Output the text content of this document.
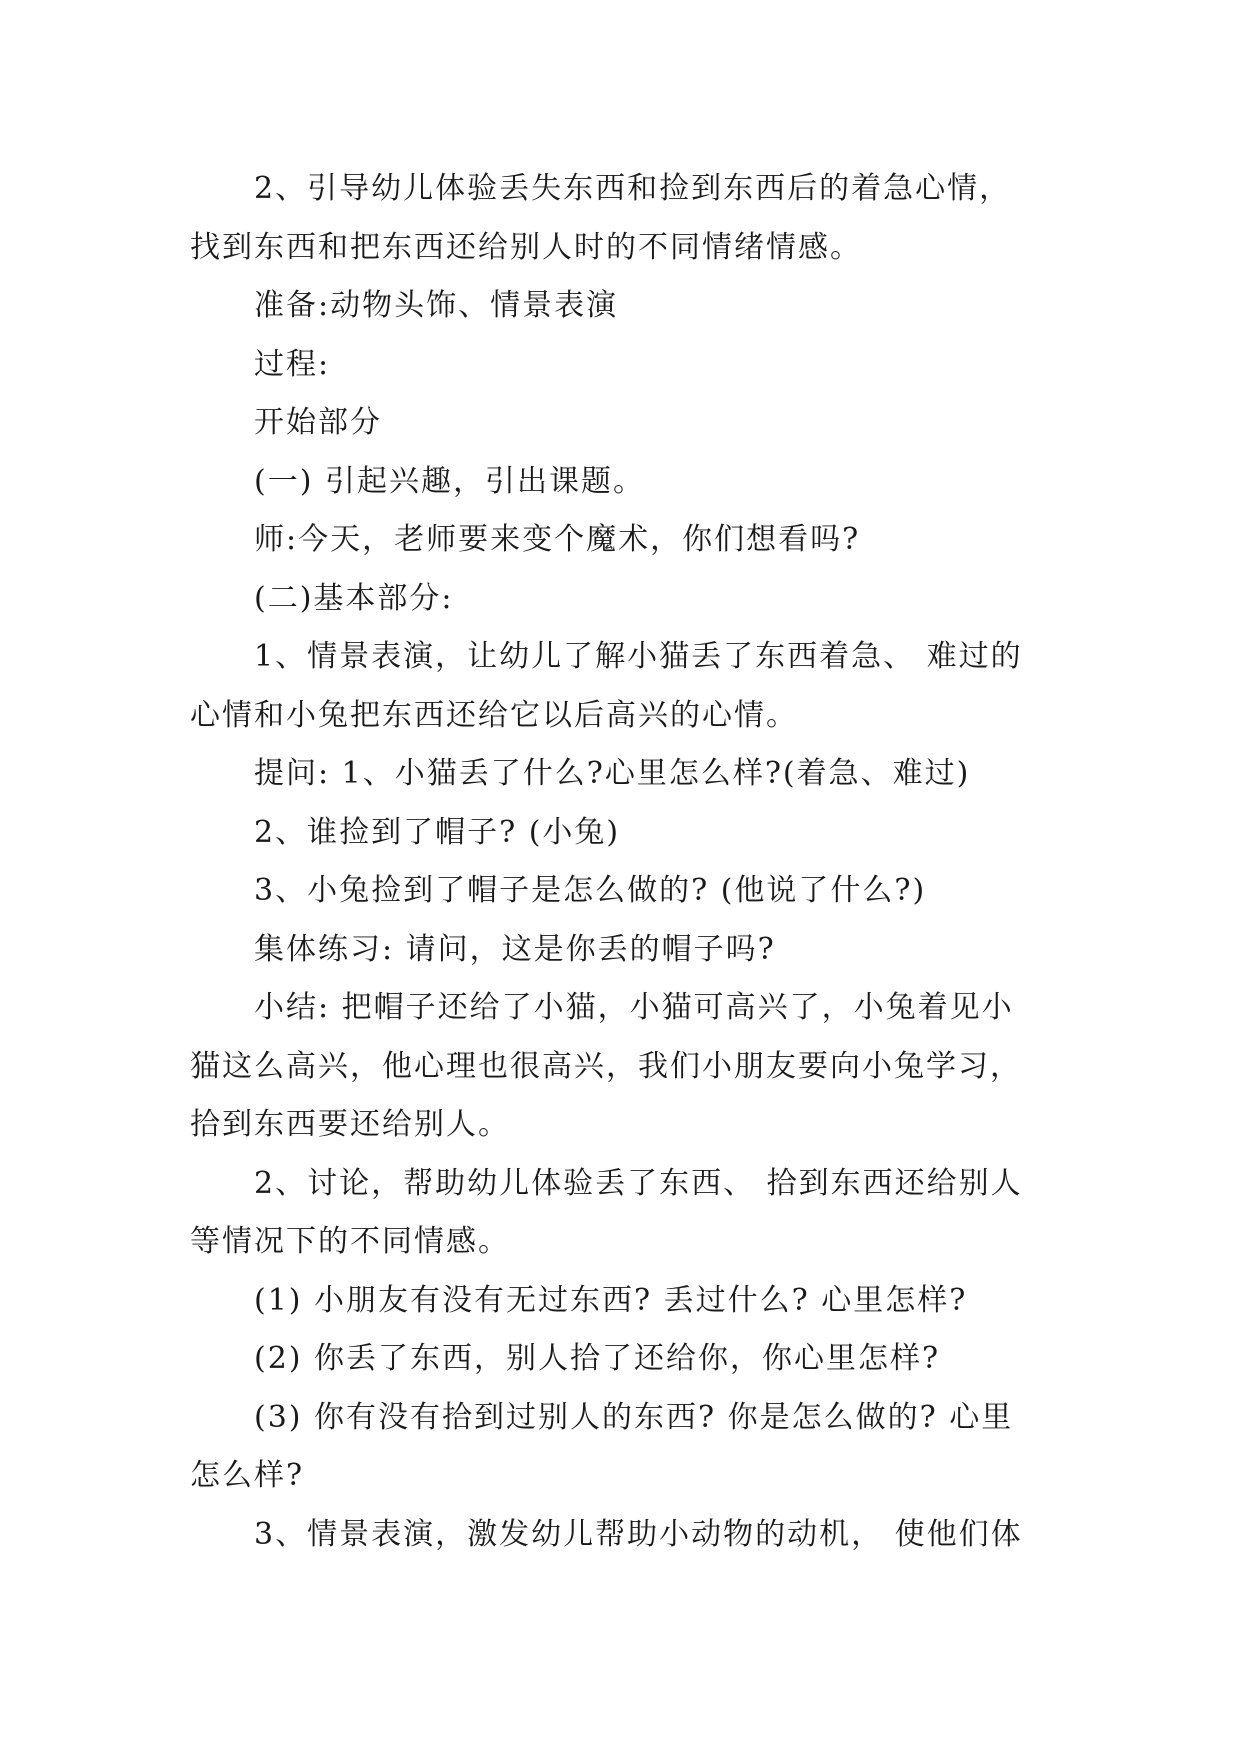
2、引导幼儿体验丢失东西和捡到东西后的着急心情，

找到东西和把东西还给别人时的不同情绪情感。

准备:动物头饰、情景表演

过程:

开始部分

(一) 引起兴趣，引出课题。

师:今天，老师要来变个魔术，你们想看吗?

(二)基本部分:

1、情景表演，让幼儿了解小猫丢了东西着急、 难过的

心情和小兔把东西还给它以后高兴的心情。

提问: 1、小猫丢了什么?心里怎么样?(着急、难过)

2、谁捡到了帽子? (小兔)

3、小兔捡到了帽子是怎么做的? (他说了什么?)

集体练习: 请问，这是你丢的帽子吗?

小结: 把帽子还给了小猫，小猫可高兴了，小兔着见小

猫这么高兴，他心理也很高兴，我们小朋友要向小兔学习，

拾到东西要还给别人。

2、讨论，帮助幼儿体验丢了东西、 拾到东西还给别人

等情况下的不同情感。

(1) 小朋友有没有无过东西? 丢过什么? 心里怎样?

(2) 你丢了东西，别人拾了还给你，你心里怎样?

(3) 你有没有拾到过别人的东西? 你是怎么做的? 心里

怎么样?

3、情景表演，激发幼儿帮助小动物的动机， 使他们体
